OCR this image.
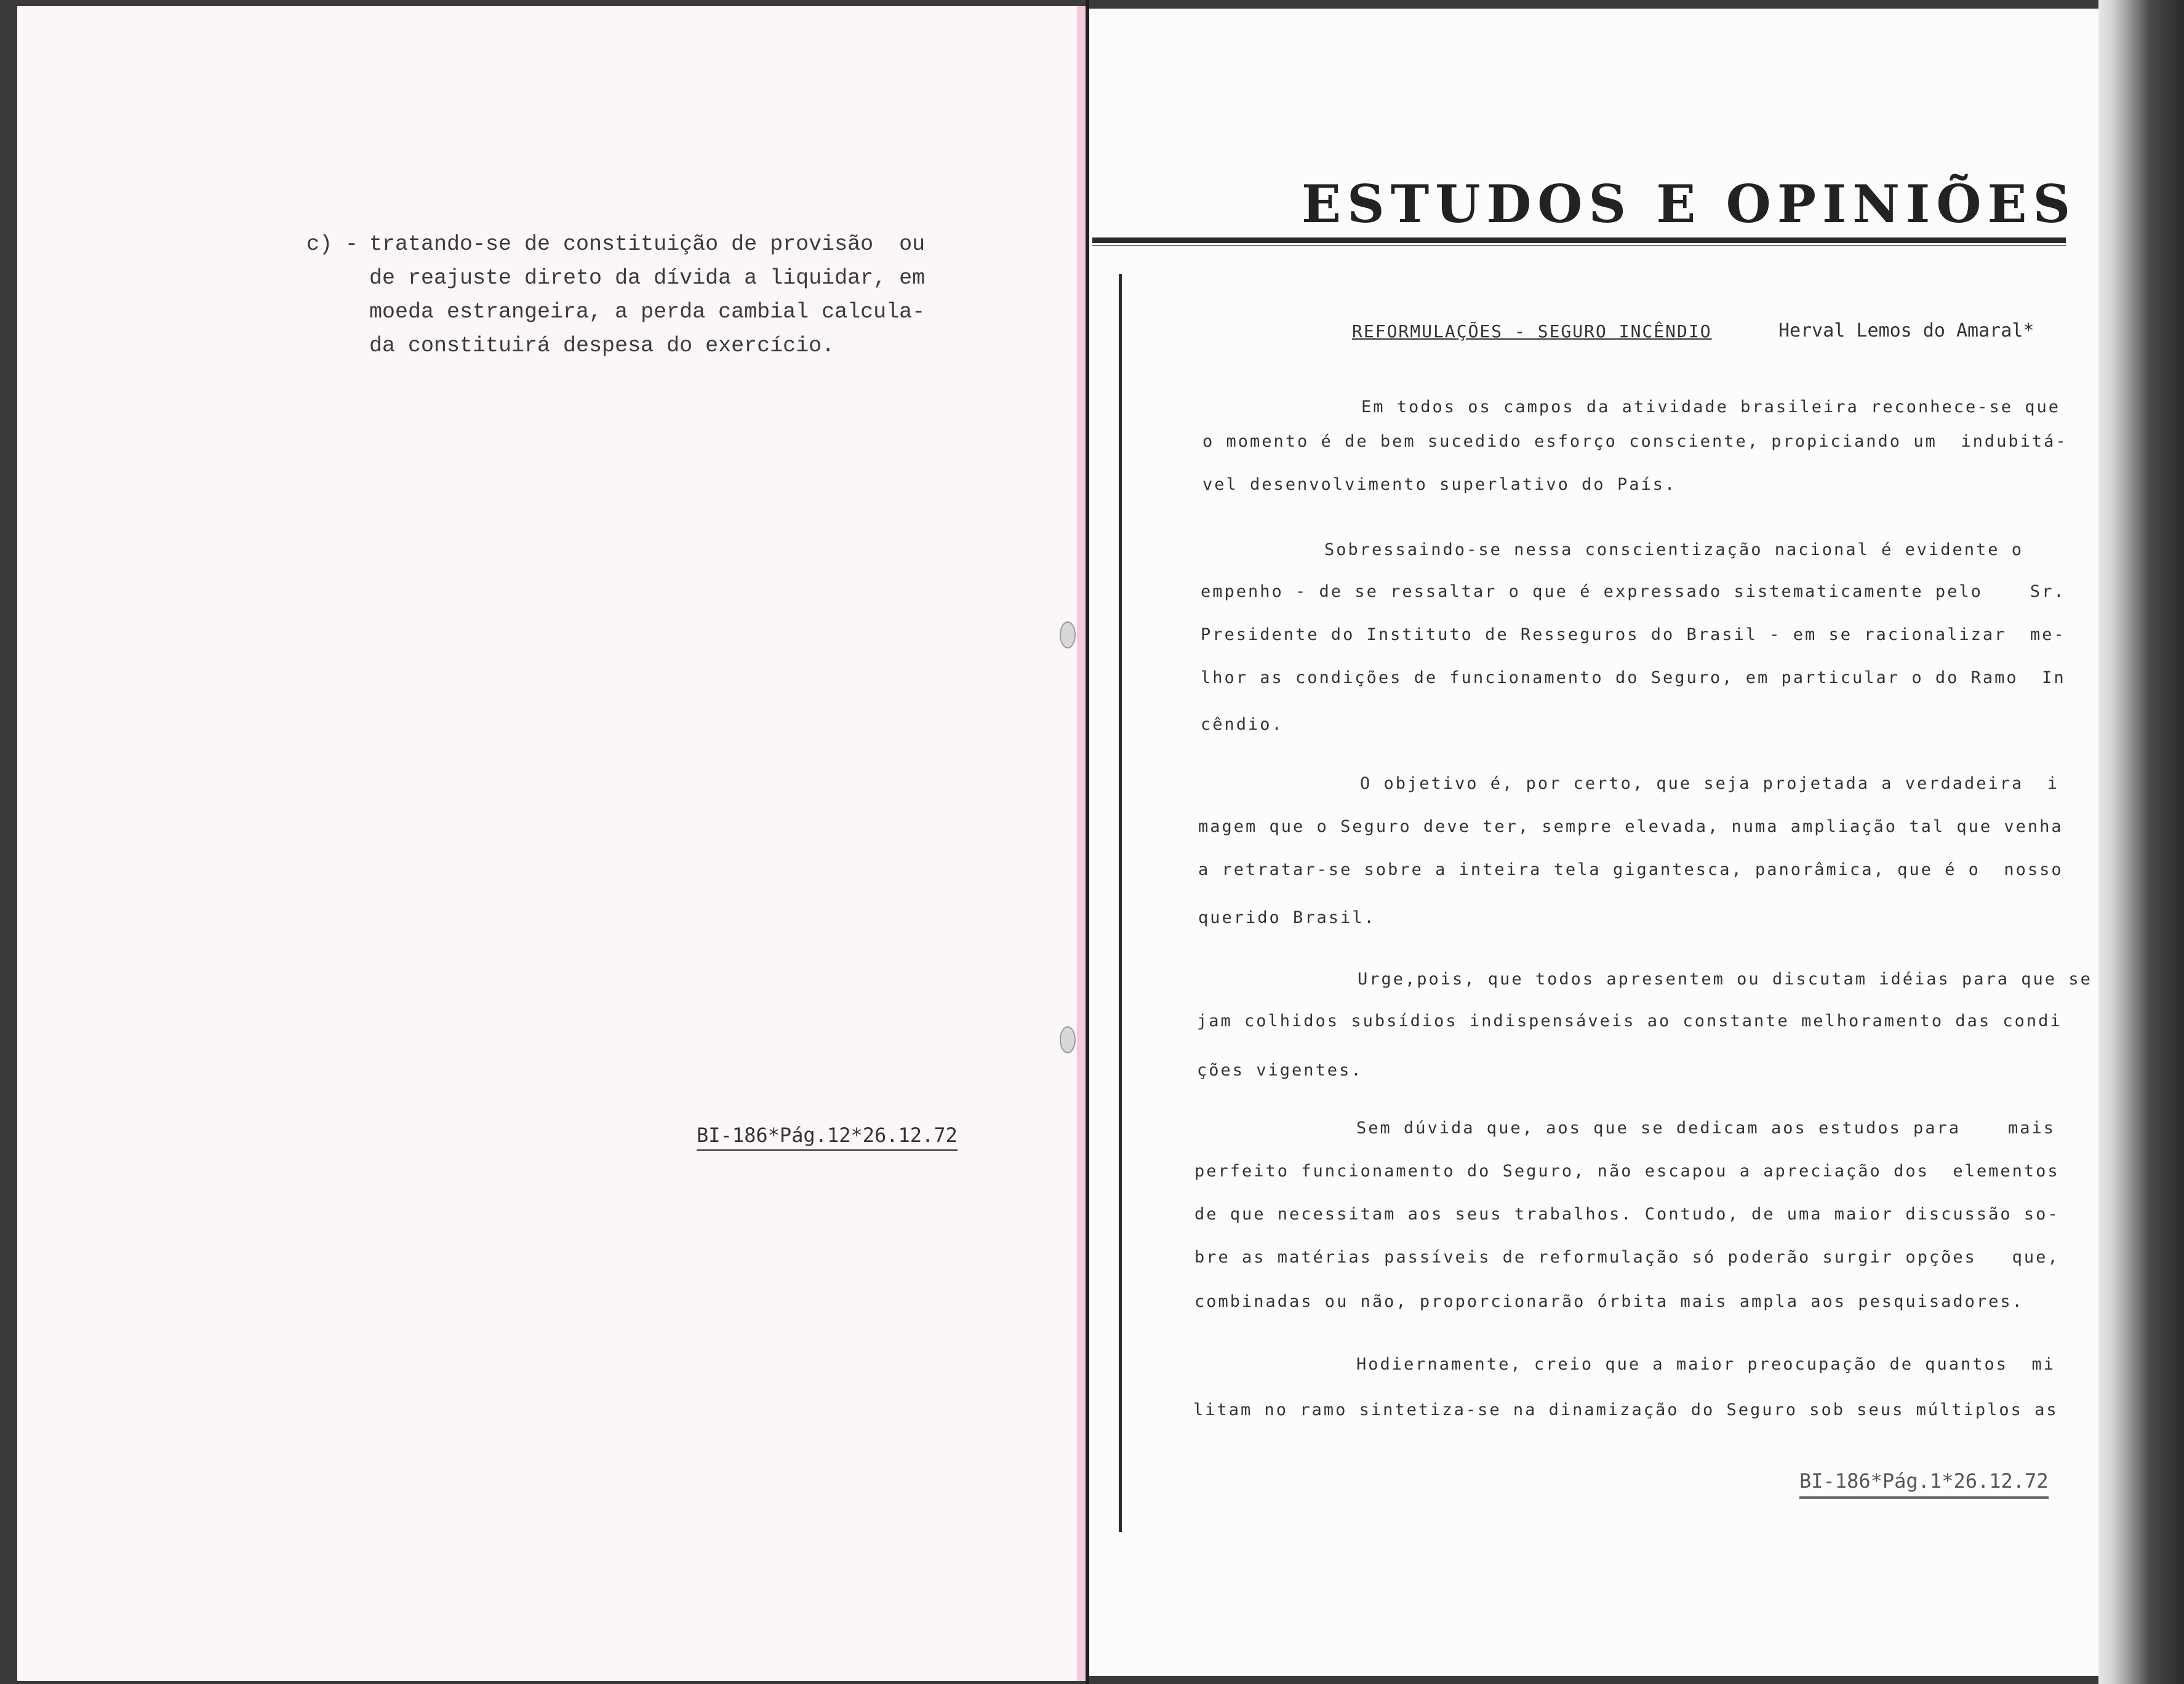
c) - tratando-se de constituição de provisão  ou

de reajuste direto da dívida a liquidar, em

moeda estrangeira, a perda cambial calcula-

da constituirá despesa do exercício.

BI-186*Pág.12*26.12.72

ESTUDOS E OPINIÕES

REFORMULAÇÕES - SEGURO INCÊNDIO	Herval Lemos do Amaral*

Em todos os campos da atividade brasileira reconhece-se que

o momento é de bem sucedido esforço consciente, propiciando um  indubitá-

vel desenvolvimento superlativo do País.

Sobressaindo-se nessa conscientização nacional é evidente o

empenho - de se ressaltar o que é expressado sistematicamente pelo    Sr.

Presidente do Instituto de Resseguros do Brasil - em se racionalizar  me-

lhor as condições de funcionamento do Seguro, em particular o do Ramo  In

cêndio.

O objetivo é, por certo, que seja projetada a verdadeira  i

magem que o Seguro deve ter, sempre elevada, numa ampliação tal que venha

a retratar-se sobre a inteira tela gigantesca, panorâmica, que é o  nosso

querido Brasil.

Urge,pois, que todos apresentem ou discutam idéias para que se

jam colhidos subsídios indispensáveis ao constante melhoramento das condi

ções vigentes.

Sem dúvida que, aos que se dedicam aos estudos para    mais

perfeito funcionamento do Seguro, não escapou a apreciação dos  elementos

de que necessitam aos seus trabalhos. Contudo, de uma maior discussão so-

bre as matérias passíveis de reformulação só poderão surgir opções   que,

combinadas ou não, proporcionarão órbita mais ampla aos pesquisadores.

Hodiernamente, creio que a maior preocupação de quantos  mi

litam no ramo sintetiza-se na dinamização do Seguro sob seus múltiplos as

BI-186*Pág.1*26.12.72
